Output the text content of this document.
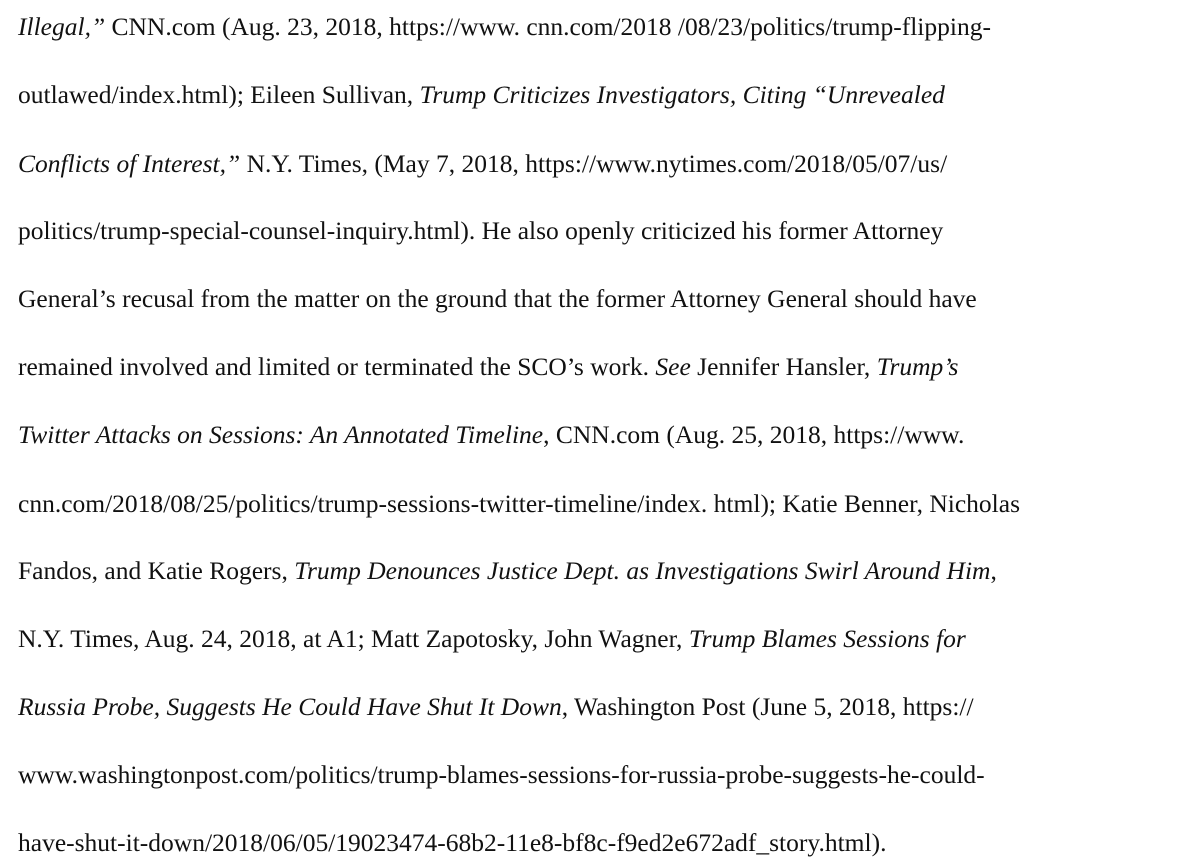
Illegal,” CNN.com (Aug. 23, 2018, https://www. cnn.com/2018 /08/23/politics/trump-flipping-
outlawed/index.html); Eileen Sullivan, Trump Criticizes Investigators, Citing “Unrevealed
Conflicts of Interest,” N.Y. Times, (May 7, 2018, https://www.nytimes.com/2018/05/07/us/
politics/trump-special-counsel-inquiry.html). He also openly criticized his former Attorney
General’s recusal from the matter on the ground that the former Attorney General should have
remained involved and limited or terminated the SCO’s work. See Jennifer Hansler, Trump’s
Twitter Attacks on Sessions: An Annotated Timeline, CNN.com (Aug. 25, 2018, https://www.
cnn.com/2018/08/25/politics/trump-sessions-twitter-timeline/index. html); Katie Benner, Nicholas
Fandos, and Katie Rogers, Trump Denounces Justice Dept. as Investigations Swirl Around Him,
N.Y. Times, Aug. 24, 2018, at A1; Matt Zapotosky, John Wagner, Trump Blames Sessions for
Russia Probe, Suggests He Could Have Shut It Down, Washington Post (June 5, 2018, https://
www.washingtonpost.com/politics/trump-blames-sessions-for-russia-probe-suggests-he-could-
have-shut-it-down/2018/06/05/19023474-68b2-11e8-bf8c-f9ed2e672adf_story.html).
